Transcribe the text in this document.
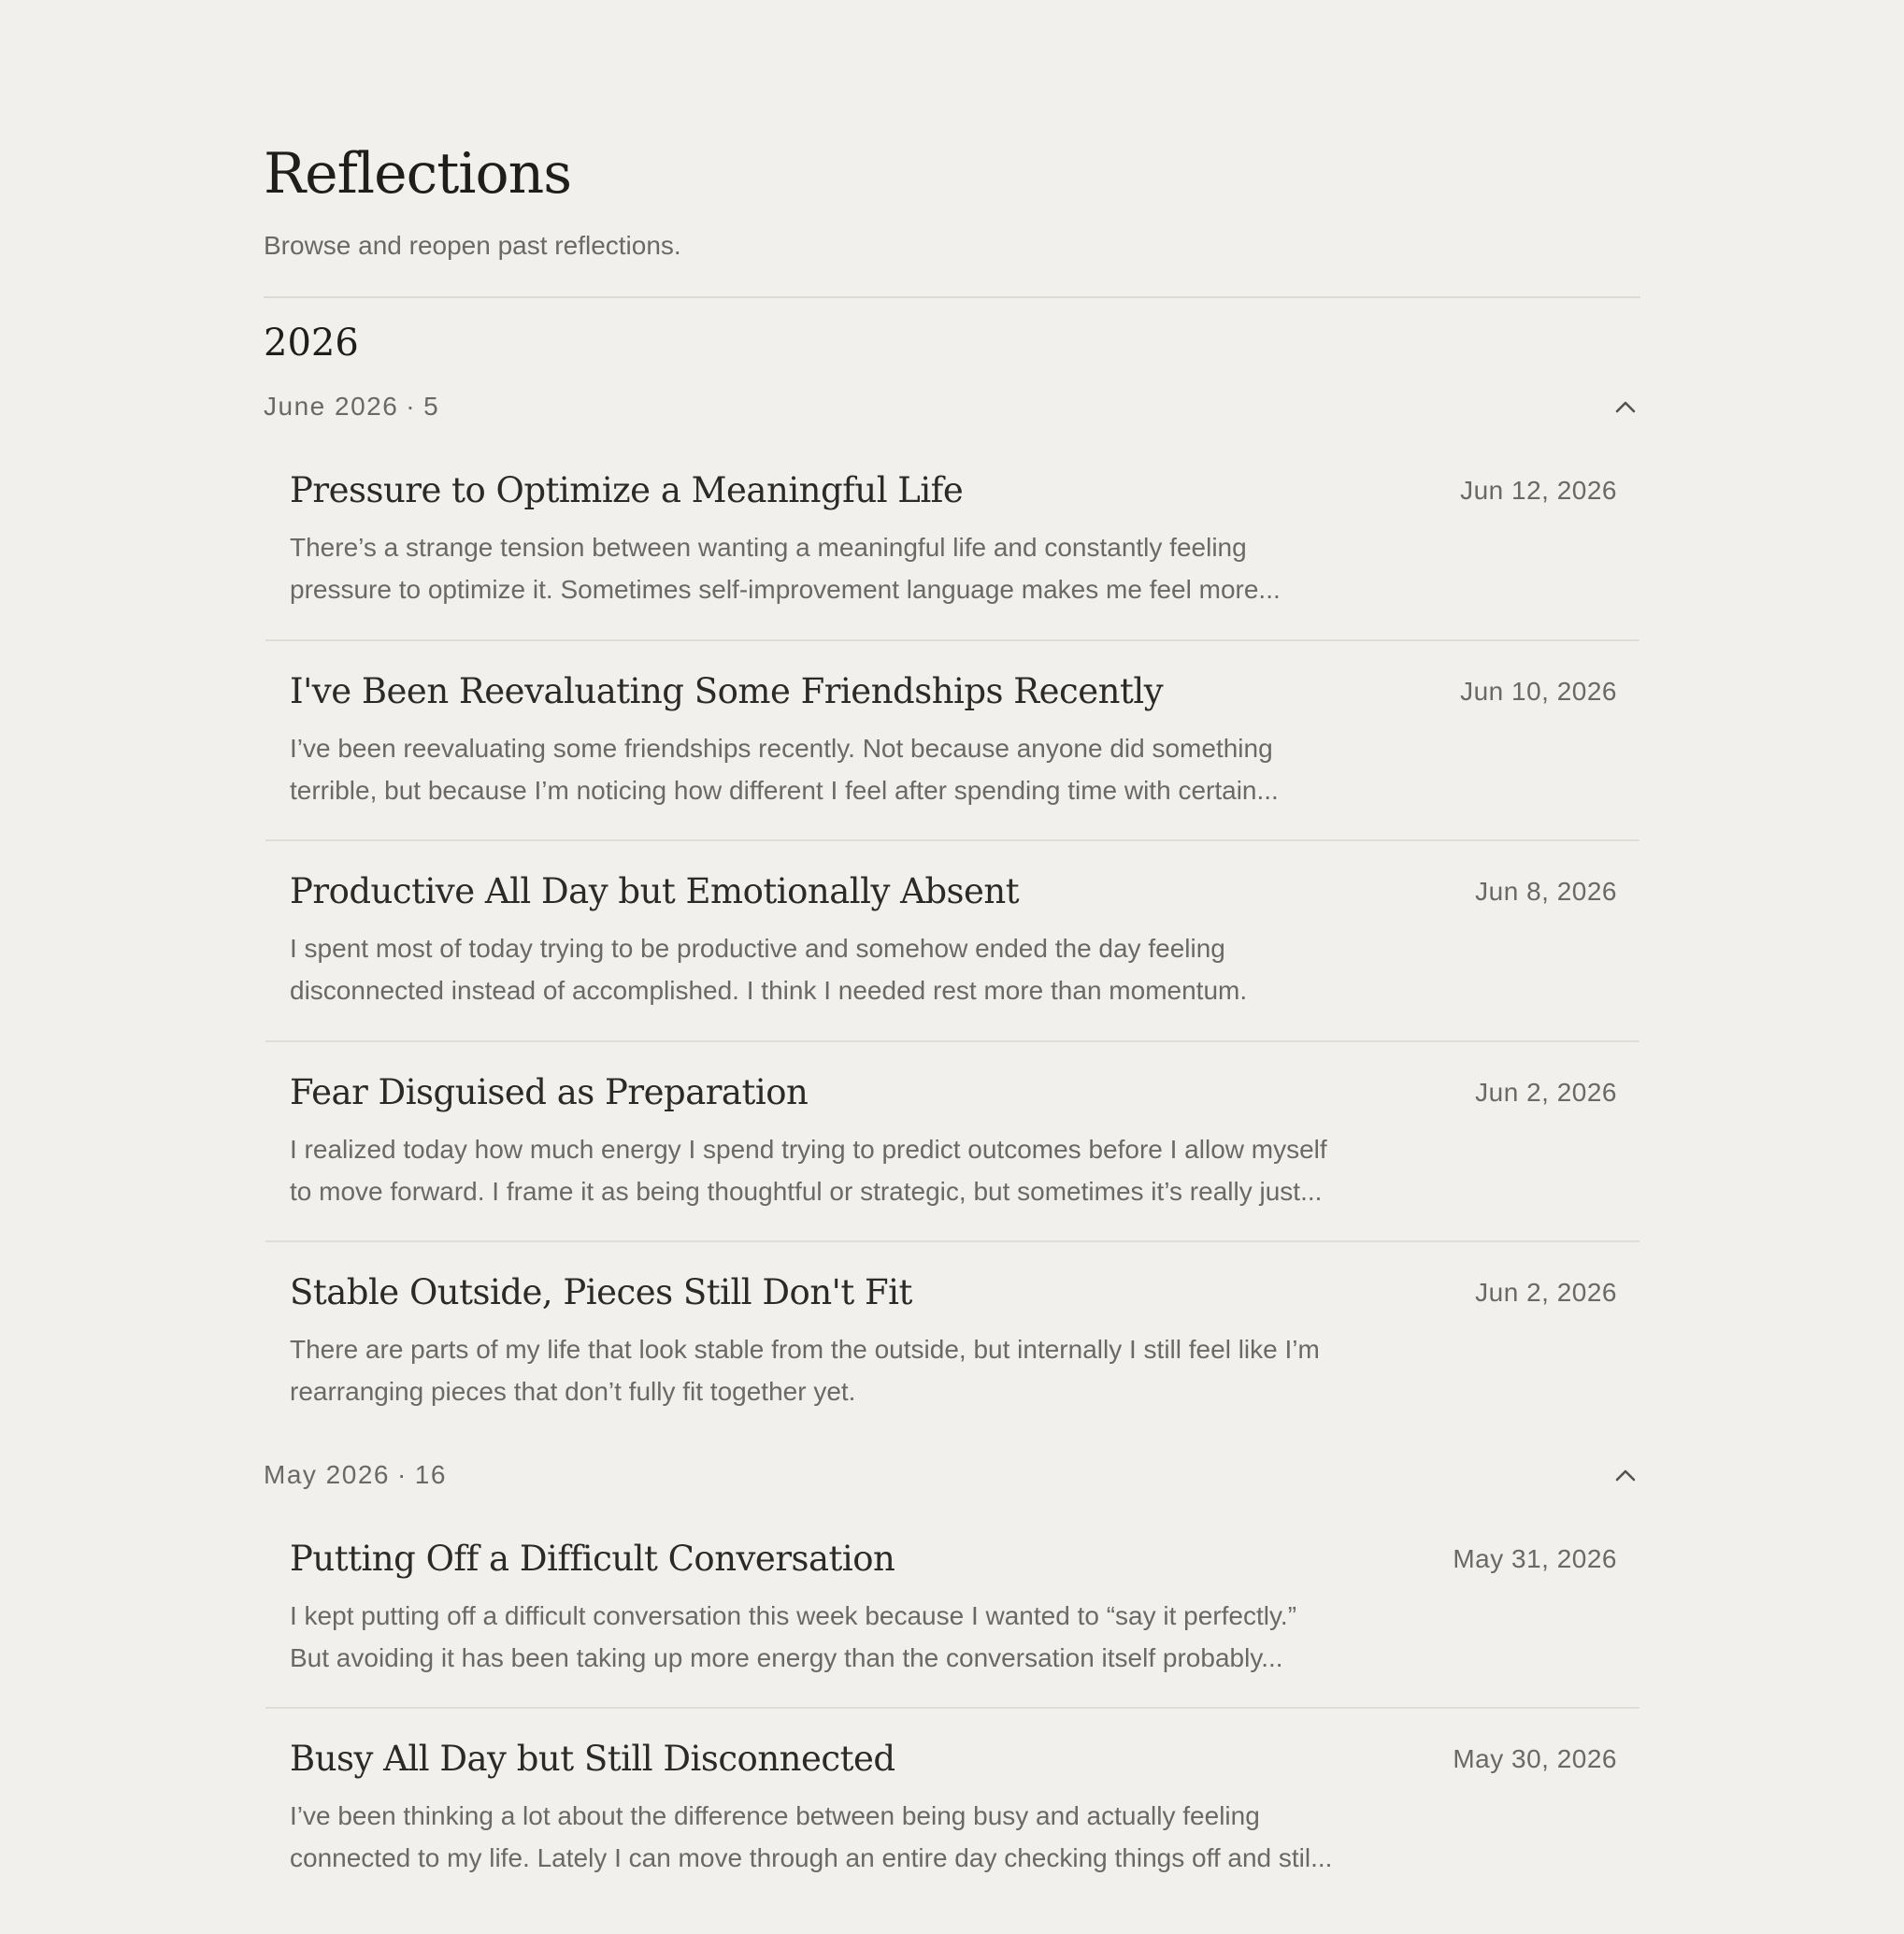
Reflections
Browse and reopen past reflections.
2026
June 2026 · 5
Pressure to Optimize a Meaningful Life	Jun 12, 2026
There’s a strange tension between wanting a meaningful life and constantly feeling
pressure to optimize it. Sometimes self-improvement language makes me feel more...
I've Been Reevaluating Some Friendships Recently	Jun 10, 2026
I’ve been reevaluating some friendships recently. Not because anyone did something
terrible, but because I’m noticing how different I feel after spending time with certain...
Productive All Day but Emotionally Absent	Jun 8, 2026
I spent most of today trying to be productive and somehow ended the day feeling
disconnected instead of accomplished. I think I needed rest more than momentum.
Fear Disguised as Preparation	Jun 2, 2026
I realized today how much energy I spend trying to predict outcomes before I allow myself
to move forward. I frame it as being thoughtful or strategic, but sometimes it’s really just...
Stable Outside, Pieces Still Don't Fit	Jun 2, 2026
There are parts of my life that look stable from the outside, but internally I still feel like I’m
rearranging pieces that don’t fully fit together yet.
May 2026 · 16
Putting Off a Difficult Conversation	May 31, 2026
I kept putting off a difficult conversation this week because I wanted to “say it perfectly.”
But avoiding it has been taking up more energy than the conversation itself probably...
Busy All Day but Still Disconnected	May 30, 2026
I’ve been thinking a lot about the difference between being busy and actually feeling
connected to my life. Lately I can move through an entire day checking things off and stil...
